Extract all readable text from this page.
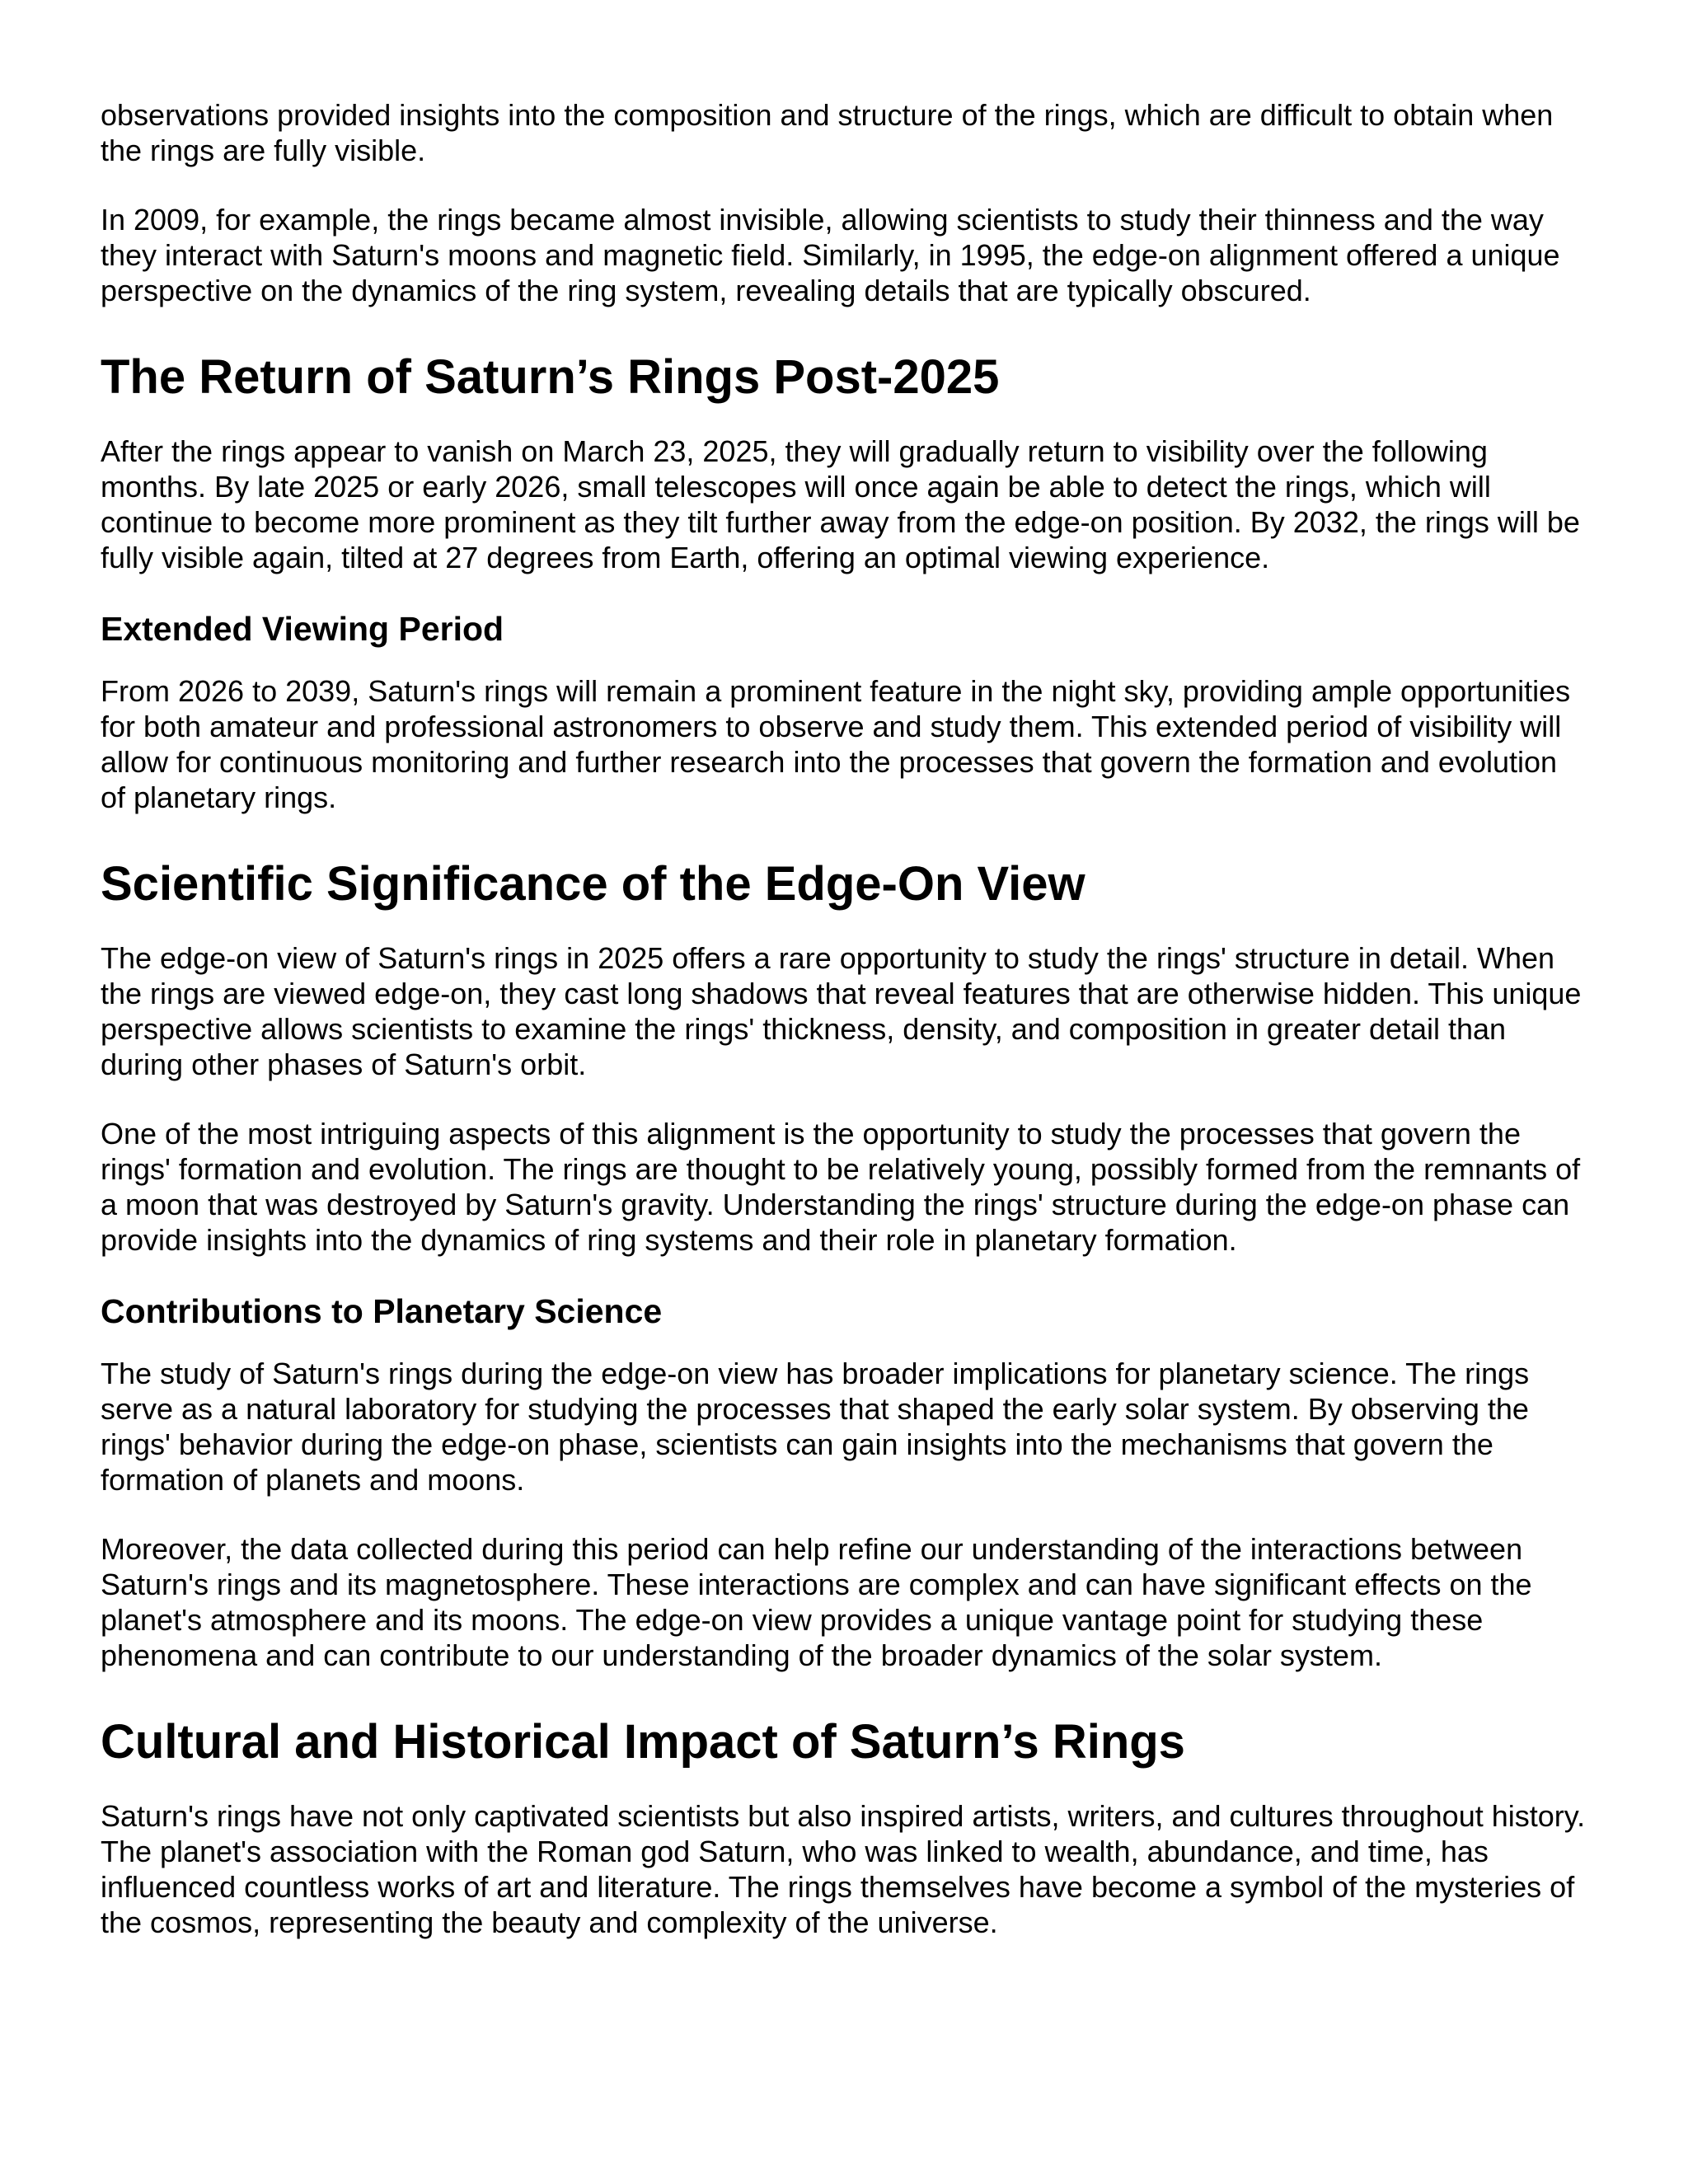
observations provided insights into the composition and structure of the rings, which are difficult to obtain when the rings are fully visible.

In 2009, for example, the rings became almost invisible, allowing scientists to study their thinness and the way they interact with Saturn's moons and magnetic field. Similarly, in 1995, the edge-on alignment offered a unique perspective on the dynamics of the ring system, revealing details that are typically obscured.

The Return of Saturn’s Rings Post-2025

After the rings appear to vanish on March 23, 2025, they will gradually return to visibility over the following months. By late 2025 or early 2026, small telescopes will once again be able to detect the rings, which will continue to become more prominent as they tilt further away from the edge-on position. By 2032, the rings will be fully visible again, tilted at 27 degrees from Earth, offering an optimal viewing experience.

Extended Viewing Period

From 2026 to 2039, Saturn's rings will remain a prominent feature in the night sky, providing ample opportunities for both amateur and professional astronomers to observe and study them. This extended period of visibility will allow for continuous monitoring and further research into the processes that govern the formation and evolution of planetary rings.

Scientific Significance of the Edge-On View

The edge-on view of Saturn's rings in 2025 offers a rare opportunity to study the rings' structure in detail. When the rings are viewed edge-on, they cast long shadows that reveal features that are otherwise hidden. This unique perspective allows scientists to examine the rings' thickness, density, and composition in greater detail than during other phases of Saturn's orbit.

One of the most intriguing aspects of this alignment is the opportunity to study the processes that govern the rings' formation and evolution. The rings are thought to be relatively young, possibly formed from the remnants of a moon that was destroyed by Saturn's gravity. Understanding the rings' structure during the edge-on phase can provide insights into the dynamics of ring systems and their role in planetary formation.

Contributions to Planetary Science

The study of Saturn's rings during the edge-on view has broader implications for planetary science. The rings serve as a natural laboratory for studying the processes that shaped the early solar system. By observing the rings' behavior during the edge-on phase, scientists can gain insights into the mechanisms that govern the formation of planets and moons.

Moreover, the data collected during this period can help refine our understanding of the interactions between Saturn's rings and its magnetosphere. These interactions are complex and can have significant effects on the planet's atmosphere and its moons. The edge-on view provides a unique vantage point for studying these phenomena and can contribute to our understanding of the broader dynamics of the solar system.

Cultural and Historical Impact of Saturn’s Rings

Saturn's rings have not only captivated scientists but also inspired artists, writers, and cultures throughout history. The planet's association with the Roman god Saturn, who was linked to wealth, abundance, and time, has influenced countless works of art and literature. The rings themselves have become a symbol of the mysteries of the cosmos, representing the beauty and complexity of the universe.
